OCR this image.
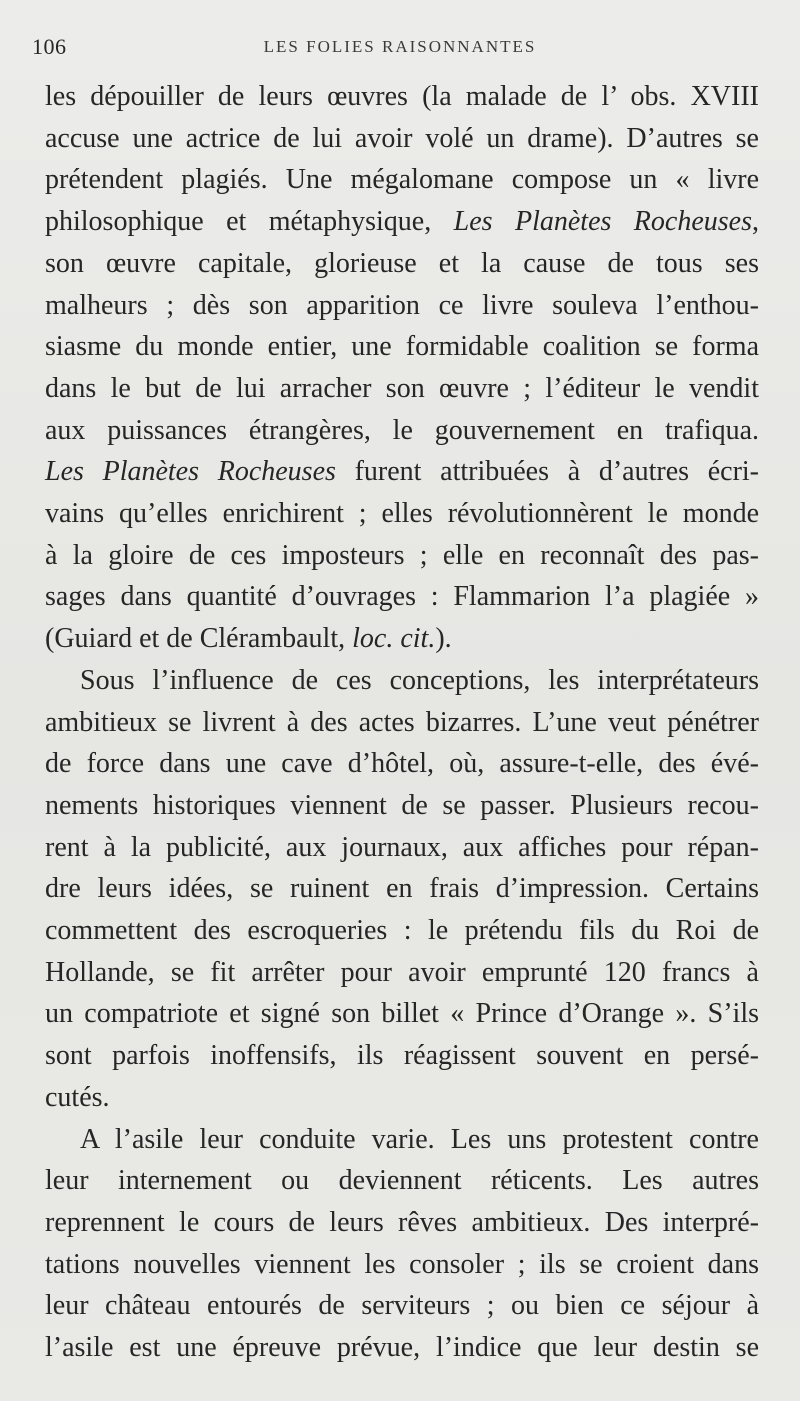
106	LES FOLIES RAISONNANTES

les dépouiller de leurs œuvres (la malade de l’ obs. XVIII

accuse une actrice de lui avoir volé un drame). D’autres se

prétendent plagiés. Une mégalomane compose un « livre

philosophique et métaphysique, Les Planètes Rocheuses,

son œuvre capitale, glorieuse et la cause de tous ses

malheurs ; dès son apparition ce livre souleva l’enthou-

siasme du monde entier, une formidable coalition se forma

dans le but de lui arracher son œuvre ; l’éditeur le vendit

aux puissances étrangères, le gouvernement en trafiqua.

Les Planètes Rocheuses furent attribuées à d’autres écri-

vains qu’elles enrichirent ; elles révolutionnèrent le monde

à la gloire de ces imposteurs ; elle en reconnaît des pas-

sages dans quantité d’ouvrages : Flammarion l’a plagiée »

(Guiard et de Clérambault, loc. cit.).

Sous l’influence de ces conceptions, les interprétateurs

ambitieux se livrent à des actes bizarres. L’une veut pénétrer

de force dans une cave d’hôtel, où, assure-t-elle, des évé-

nements historiques viennent de se passer. Plusieurs recou-

rent à la publicité, aux journaux, aux affiches pour répan-

dre leurs idées, se ruinent en frais d’impression. Certains

commettent des escroqueries : le prétendu fils du Roi de

Hollande, se fit arrêter pour avoir emprunté 120 francs à

un compatriote et signé son billet « Prince d’Orange ». S’ils

sont parfois inoffensifs, ils réagissent souvent en persé-

cutés.

A l’asile leur conduite varie. Les uns protestent contre

leur internement ou deviennent réticents. Les autres

reprennent le cours de leurs rêves ambitieux. Des interpré-

tations nouvelles viennent les consoler ; ils se croient dans

leur château entourés de serviteurs ; ou bien ce séjour à

l’asile est une épreuve prévue, l’indice que leur destin se
